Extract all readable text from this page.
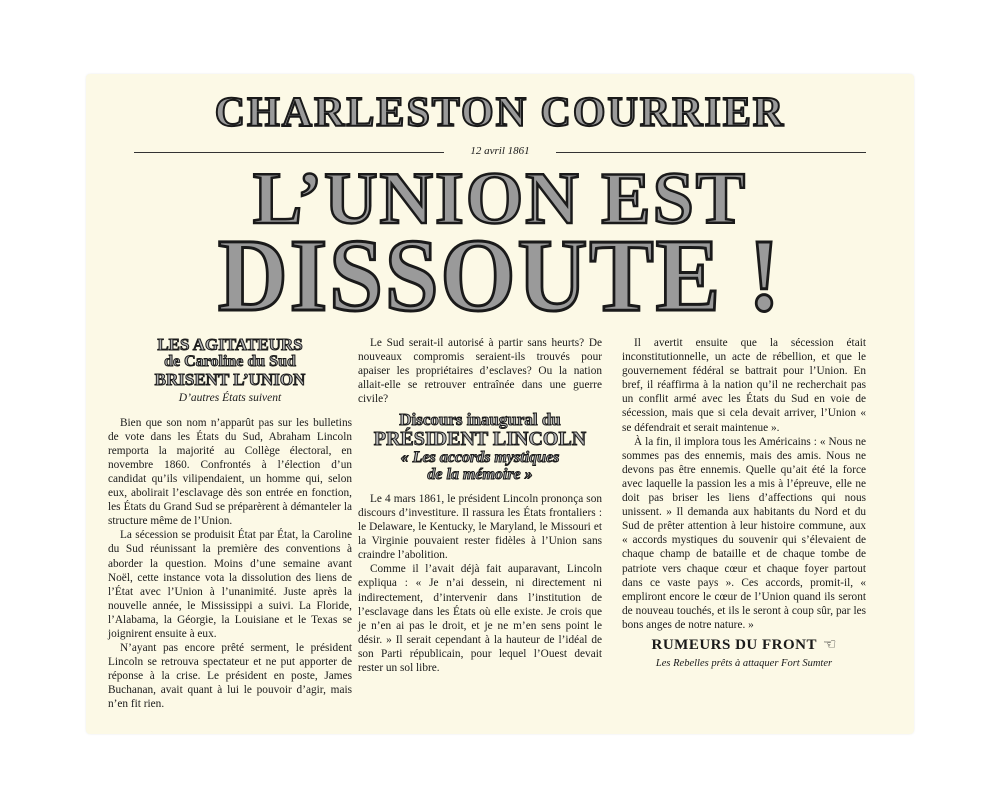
CHARLESTON COURRIER
12 avril 1861
L’UNION EST
DISSOUTE !
LES AGITATEURS
de Caroline du Sud
BRISENT L’UNION
D’autres États suivent

Bien que son nom n’apparût pas sur les bulletins de vote dans les États du Sud, Abraham Lincoln remporta la majorité au Collège électoral, en novembre 1860. Confrontés à l’élection d’un candidat qu’ils vilipendaient, un homme qui, selon eux, abolirait l’esclavage dès son entrée en fonction, les États du Grand Sud se préparèrent à démanteler la structure même de l’Union.

La sécession se produisit État par État, la Caroline du Sud réunissant la première des conventions à aborder la question. Moins d’une semaine avant Noël, cette instance vota la dissolution des liens de l’État avec l’Union à l’unanimité. Juste après la nouvelle année, le Mississippi a suivi. La Floride, l’Alabama, la Géorgie, la Louisiane et le Texas se joignirent ensuite à eux.

N’ayant pas encore prêté serment, le président Lincoln se retrouva spectateur et ne put apporter de réponse à la crise. Le président en poste, James Buchanan, avait quant à lui le pouvoir d’agir, mais n’en fit rien.

Le Sud serait-il autorisé à partir sans heurts? De nouveaux compromis seraient-ils trouvés pour apaiser les propriétaires d’esclaves? Ou la nation allait-elle se retrouver entraînée dans une guerre civile?

Discours inaugural du
PRÉSIDENT LINCOLN
« Les accords mystiques
de la mémoire »

Le 4 mars 1861, le président Lincoln prononça son discours d’investiture. Il rassura les États frontaliers : le Delaware, le Kentucky, le Maryland, le Missouri et la Virginie pouvaient rester fidèles à l’Union sans craindre l’abolition.

Comme il l’avait déjà fait auparavant, Lincoln expliqua : « Je n’ai dessein, ni directement ni indirectement, d’intervenir dans l’institution de l’esclavage dans les États où elle existe. Je crois que je n’en ai pas le droit, et je ne m’en sens point le désir. » Il serait cependant à la hauteur de l’idéal de son Parti républicain, pour lequel l’Ouest devait rester un sol libre.

Il avertit ensuite que la sécession était inconstitutionnelle, un acte de rébellion, et que le gouvernement fédéral se battrait pour l’Union. En bref, il réaffirma à la nation qu’il ne recherchait pas un conflit armé avec les États du Sud en voie de sécession, mais que si cela devait arriver, l’Union « se défendrait et serait maintenue ».

À la fin, il implora tous les Américains : « Nous ne sommes pas des ennemis, mais des amis. Nous ne devons pas être ennemis. Quelle qu’ait été la force avec laquelle la passion les a mis à l’épreuve, elle ne doit pas briser les liens d’affections qui nous unissent. » Il demanda aux habitants du Nord et du Sud de prêter attention à leur histoire commune, aux « accords mystiques du souvenir qui s’élevaient de chaque champ de bataille et de chaque tombe de patriote vers chaque cœur et chaque foyer partout dans ce vaste pays ». Ces accords, promit-il, « empliront encore le cœur de l’Union quand ils seront de nouveau touchés, et ils le seront à coup sûr, par les bons anges de notre nature. »

RUMEURS DU FRONT ☜
Les Rebelles prêts à attaquer Fort Sumter
